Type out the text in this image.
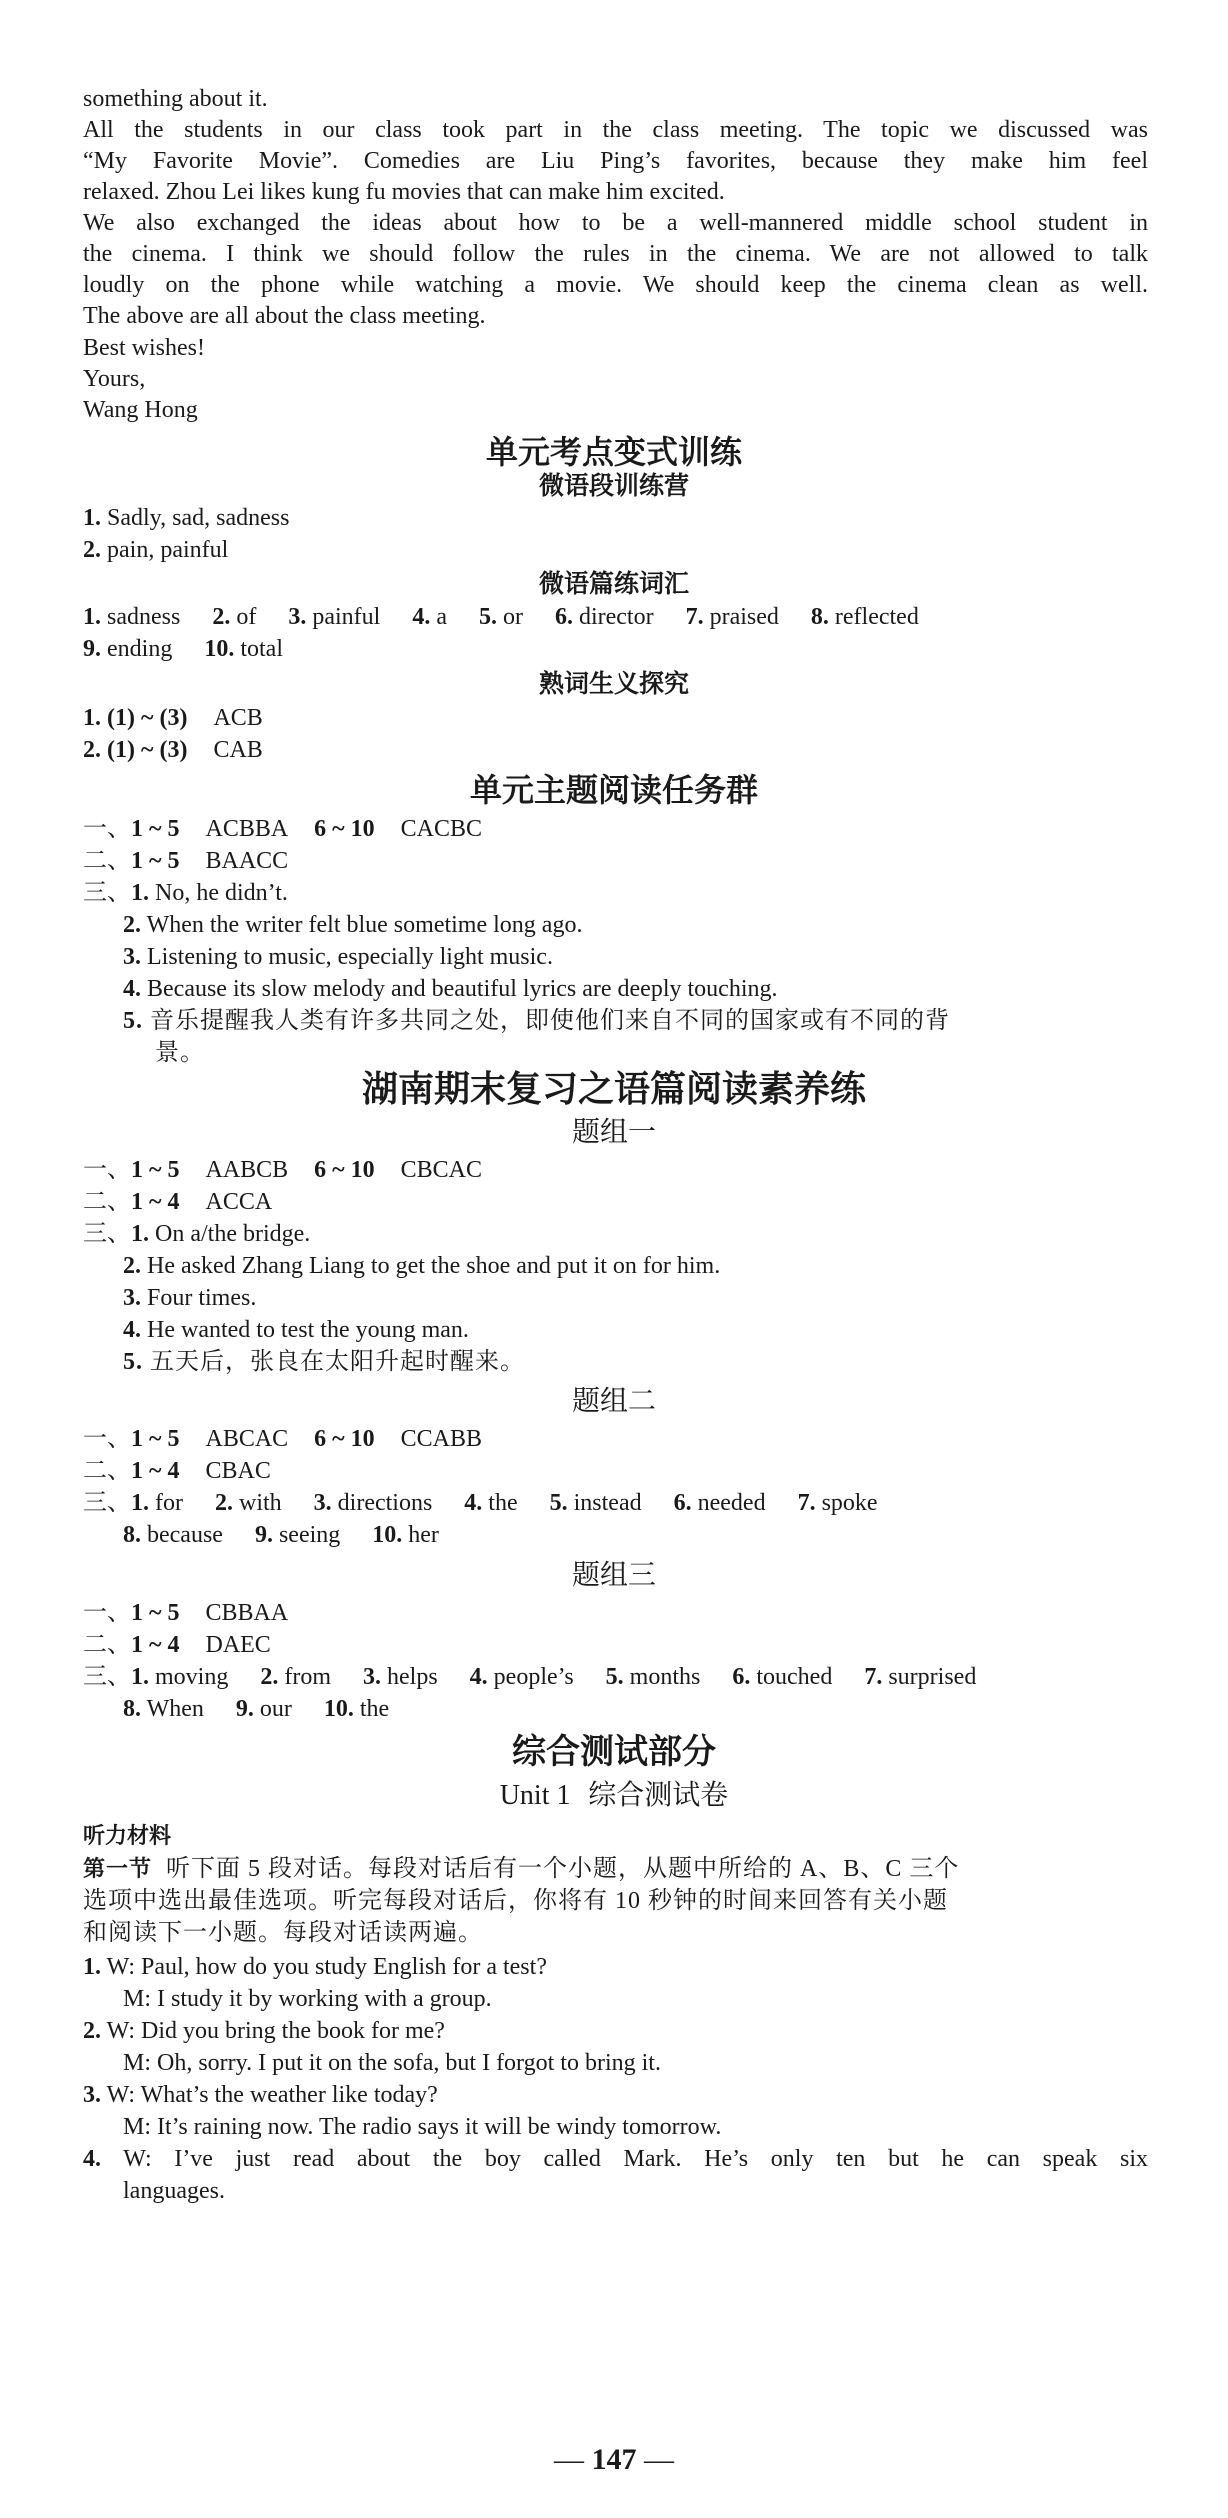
something about it.
All the students in our class took part in the class meeting. The topic we discussed was
“My Favorite Movie”. Comedies are Liu Ping’s favorites, because they make him feel
relaxed. Zhou Lei likes kung fu movies that can make him excited.
We also exchanged the ideas about how to be a well-mannered middle school student in
the cinema. I think we should follow the rules in the cinema. We are not allowed to talk
loudly on the phone while watching a movie. We should keep the cinema clean as well.
The above are all about the class meeting.
Best wishes!
Yours,
Wang Hong
单元考点变式训练
微语段训练营
1. Sadly, sad, sadness
2. pain, painful
微语篇练词汇
1. sadness 2. of 3. painful 4. a 5. or 6. director 7. praised 8. reflected
9. ending 10. total
熟词生义探究
1. (1) ~ (3) ACB
2. (1) ~ (3) CAB
单元主题阅读任务群
一、1 ~ 5 ACBBA 6 ~ 10 CACBC
二、1 ~ 5 BAACC
三、1. No, he didn’t.
2. When the writer felt blue sometime long ago.
3. Listening to music, especially light music.
4. Because its slow melody and beautiful lyrics are deeply touching.
5. 音乐提醒我人类有许多共同之处，即使他们来自不同的国家或有不同的背
景。
湖南期末复习之语篇阅读素养练
题组一
一、1 ~ 5 AABCB 6 ~ 10 CBCAC
二、1 ~ 4 ACCA
三、1. On a/the bridge.
2. He asked Zhang Liang to get the shoe and put it on for him.
3. Four times.
4. He wanted to test the young man.
5. 五天后，张良在太阳升起时醒来。
题组二
一、1 ~ 5 ABCAC 6 ~ 10 CCABB
二、1 ~ 4 CBAC
三、1. for 2. with 3. directions 4. the 5. instead 6. needed 7. spoke
8. because 9. seeing 10. her
题组三
一、1 ~ 5 CBBAA
二、1 ~ 4 DAEC
三、1. moving 2. from 3. helps 4. people’s 5. months 6. touched 7. surprised
8. When 9. our 10. the
综合测试部分
Unit 1 综合测试卷
听力材料
第一节 听下面 5 段对话。每段对话后有一个小题，从题中所给的 A、B、C 三个
选项中选出最佳选项。听完每段对话后，你将有 10 秒钟的时间来回答有关小题
和阅读下一小题。每段对话读两遍。
1. W: Paul, how do you study English for a test?
M: I study it by working with a group.
2. W: Did you bring the book for me?
M: Oh, sorry. I put it on the sofa, but I forgot to bring it.
3. W: What’s the weather like today?
M: It’s raining now. The radio says it will be windy tomorrow.
4. W: I’ve just read about the boy called Mark. He’s only ten but he can speak six
languages.
— 147 —
